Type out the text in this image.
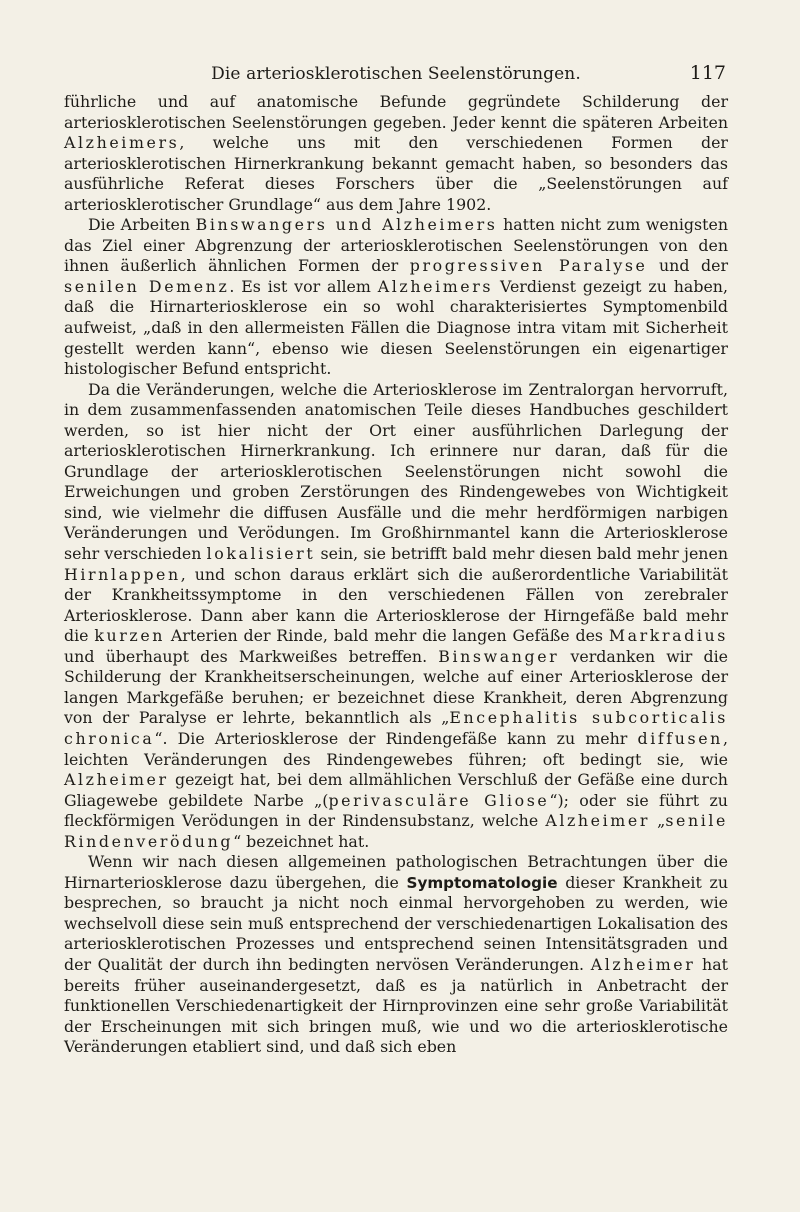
Die arteriosklerotischen Seelenstörungen.	117

führliche und auf anatomische Befunde gegründete Schilderung der arteriosklerotischen Seelenstörungen gegeben. Jeder kennt die späteren Arbeiten Alzheimers, welche uns mit den verschiedenen Formen der arteriosklerotischen Hirnerkrankung bekannt gemacht haben, so besonders das ausführliche Referat dieses Forschers über die „Seelenstörungen auf arteriosklerotischer Grundlage“ aus dem Jahre 1902.

Die Arbeiten Binswangers und Alzheimers hatten nicht zum wenigsten das Ziel einer Abgrenzung der arteriosklerotischen Seelenstörungen von den ihnen äußerlich ähnlichen Formen der progressiven Paralyse und der senilen Demenz. Es ist vor allem Alzheimers Verdienst gezeigt zu haben, daß die Hirnarteriosklerose ein so wohl charakterisiertes Symptomenbild aufweist, „daß in den allermeisten Fällen die Diagnose intra vitam mit Sicherheit gestellt werden kann“, ebenso wie diesen Seelenstörungen ein eigenartiger histologischer Befund entspricht.

Da die Veränderungen, welche die Arteriosklerose im Zentralorgan hervorruft, in dem zusammenfassenden anatomischen Teile dieses Handbuches geschildert werden, so ist hier nicht der Ort einer ausführlichen Darlegung der arteriosklerotischen Hirnerkrankung. Ich erinnere nur daran, daß für die Grundlage der arteriosklerotischen Seelenstörungen nicht sowohl die Erweichungen und groben Zerstörungen des Rindengewebes von Wichtigkeit sind, wie vielmehr die diffusen Ausfälle und die mehr herdförmigen narbigen Veränderungen und Verödungen. Im Großhirnmantel kann die Arteriosklerose sehr verschieden lokalisiert sein, sie betrifft bald mehr diesen bald mehr jenen Hirnlappen, und schon daraus erklärt sich die außerordentliche Variabilität der Krankheitssymptome in den verschiedenen Fällen von zerebraler Arteriosklerose. Dann aber kann die Arteriosklerose der Hirngefäße bald mehr die kurzen Arterien der Rinde, bald mehr die langen Gefäße des Markradius und überhaupt des Markweißes betreffen. Binswanger verdanken wir die Schilderung der Krankheitserscheinungen, welche auf einer Arteriosklerose der langen Markgefäße beruhen; er bezeichnet diese Krankheit, deren Abgrenzung von der Paralyse er lehrte, bekanntlich als „Encephalitis subcorticalis chronica“. Die Arteriosklerose der Rindengefäße kann zu mehr diffusen, leichten Veränderungen des Rindengewebes führen; oft bedingt sie, wie Alzheimer gezeigt hat, bei dem allmählichen Verschluß der Gefäße eine durch Gliagewebe gebildete Narbe „(perivasculäre Gliose“); oder sie führt zu fleckförmigen Verödungen in der Rindensubstanz, welche Alzheimer „senile Rindenverödung“ bezeichnet hat.

Wenn wir nach diesen allgemeinen pathologischen Betrachtungen über die Hirnarteriosklerose dazu übergehen, die Symptomatologie dieser Krankheit zu besprechen, so braucht ja nicht noch einmal hervorgehoben zu werden, wie wechselvoll diese sein muß entsprechend der verschiedenartigen Lokalisation des arteriosklerotischen Prozesses und entsprechend seinen Intensitätsgraden und der Qualität der durch ihn bedingten nervösen Veränderungen. Alzheimer hat bereits früher auseinandergesetzt, daß es ja natürlich in Anbetracht der funktionellen Verschiedenartigkeit der Hirnprovinzen eine sehr große Variabilität der Erscheinungen mit sich bringen muß, wie und wo die arteriosklerotische Veränderungen etabliert sind, und daß sich eben
